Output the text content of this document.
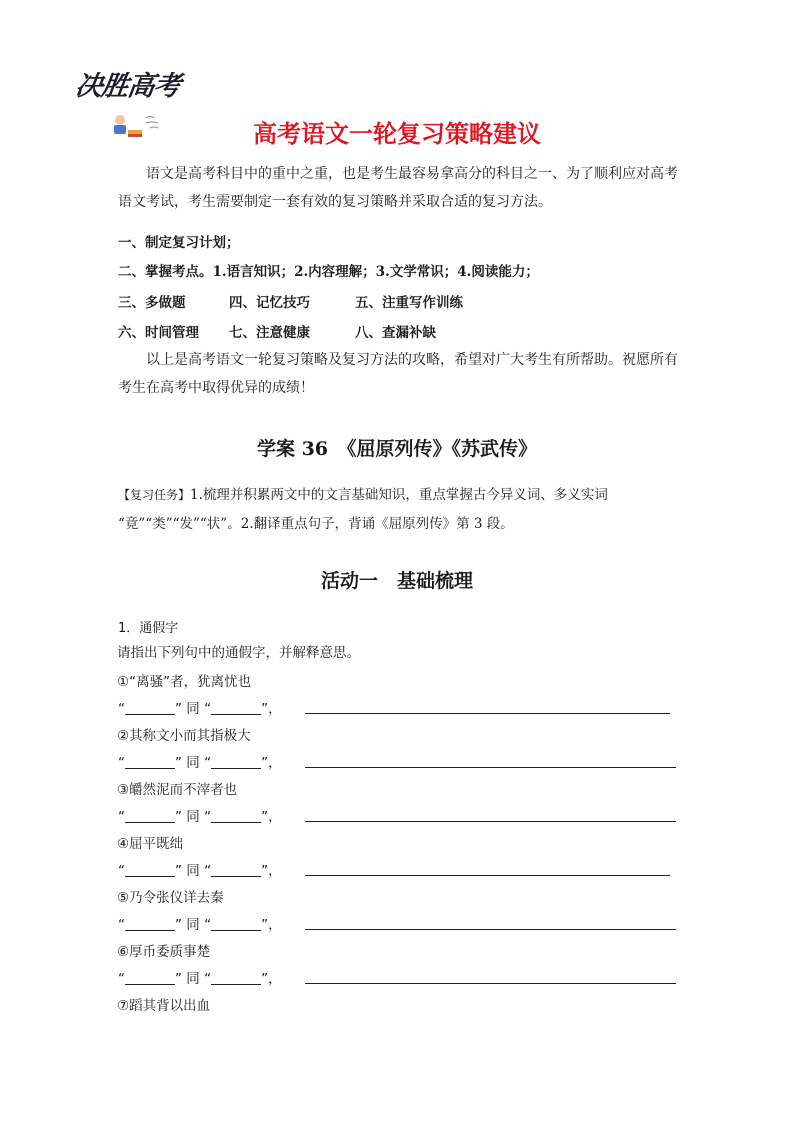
决胜高考
高考语文一轮复习策略建议
语文是高考科目中的重中之重，也是考生最容易拿高分的科目之一、为了顺利应对高考语文考试，考生需要制定一套有效的复习策略并采取合适的复习方法。
一、制定复习计划；
二、掌握考点。1.语言知识；2.内容理解；3.文学常识；4.阅读能力；
三、多做题	四、记忆技巧	五、注重写作训练
六、时间管理 七、注意健康	八、查漏补缺
以上是高考语文一轮复习策略及复习方法的攻略，希望对广大考生有所帮助。祝愿所有考生在高考中取得优异的成绩！
学案 36　《屈原列传》《苏武传》
【复习任务】1.梳理并积累两文中的文言基础知识，重点掌握古今异义词、多义实词
“竟”“类”“发”“状”。2.翻译重点句子，背诵《屈原列传》第 3 段。
活动一　基础梳理
1．通假字
请指出下列句中的通假字，并解释意思。
①“离骚”者，犹离忧也
“	” 同 “	”，
②其称文小而其指极大
“	” 同 “	”，
③皭然泥而不滓者也
“	” 同 “	”，
④屈平既绌
“	” 同 “	”，
⑤乃令张仪详去秦
“	” 同 “	”，
⑥厚币委质事楚
“	” 同 “	”，
⑦蹈其背以出血
